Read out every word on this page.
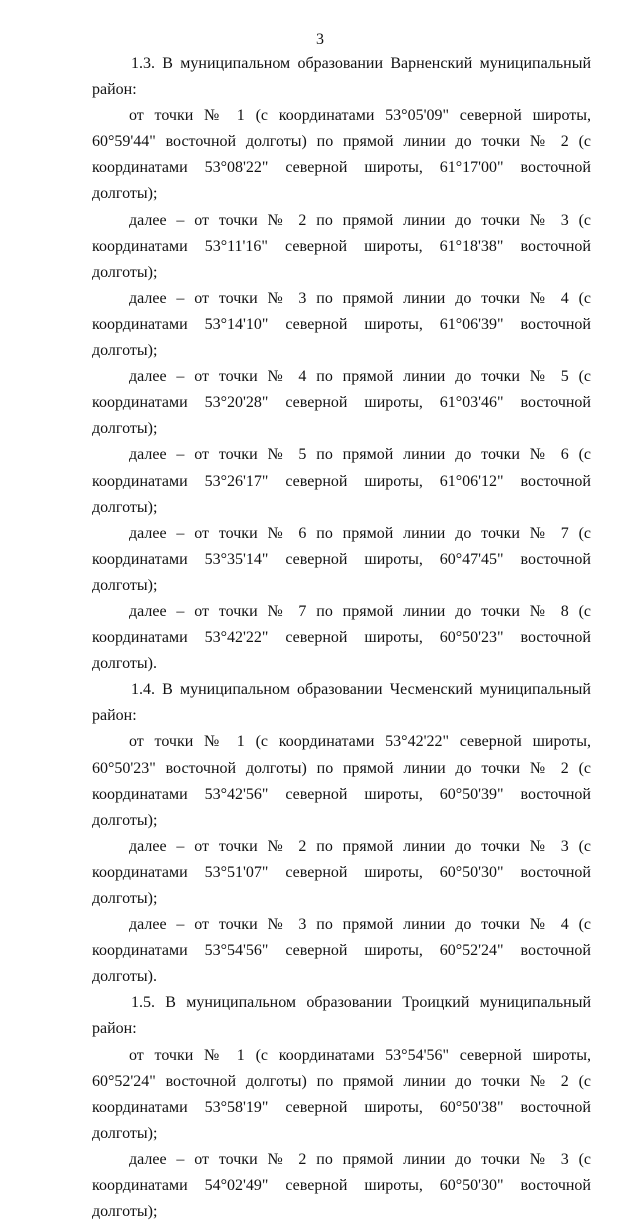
3

1.3. В муниципальном образовании Варненский муниципальный район:

от точки № 1 (с координатами 53°05'09" северной широты, 60°59'44" восточной долготы) по прямой линии до точки № 2 (с координатами 53°08'22" северной широты, 61°17'00" восточной долготы);

далее – от точки № 2 по прямой линии до точки № 3 (с координатами 53°11'16" северной широты, 61°18'38" восточной долготы);

далее – от точки № 3 по прямой линии до точки № 4 (с координатами 53°14'10" северной широты, 61°06'39" восточной долготы);

далее – от точки № 4 по прямой линии до точки № 5 (с координатами 53°20'28" северной широты, 61°03'46" восточной долготы);

далее – от точки № 5 по прямой линии до точки № 6 (с координатами 53°26'17" северной широты, 61°06'12" восточной долготы);

далее – от точки № 6 по прямой линии до точки № 7 (с координатами 53°35'14" северной широты, 60°47'45" восточной долготы);

далее – от точки № 7 по прямой линии до точки № 8 (с координатами 53°42'22" северной широты, 60°50'23" восточной долготы).

1.4. В муниципальном образовании Чесменский муниципальный район:

от точки № 1 (с координатами 53°42'22" северной широты, 60°50'23" восточной долготы) по прямой линии до точки № 2 (с координатами 53°42'56" северной широты, 60°50'39" восточной долготы);

далее – от точки № 2 по прямой линии до точки № 3 (с координатами 53°51'07" северной широты, 60°50'30" восточной долготы);

далее – от точки № 3 по прямой линии до точки № 4 (с координатами 53°54'56" северной широты, 60°52'24" восточной долготы).

1.5. В муниципальном образовании Троицкий муниципальный район:

от точки № 1 (с координатами 53°54'56" северной широты, 60°52'24" восточной долготы) по прямой линии до точки № 2 (с координатами 53°58'19" северной широты, 60°50'38" восточной долготы);

далее – от точки № 2 по прямой линии до точки № 3 (с координатами 54°02'49" северной широты, 60°50'30" восточной долготы);
